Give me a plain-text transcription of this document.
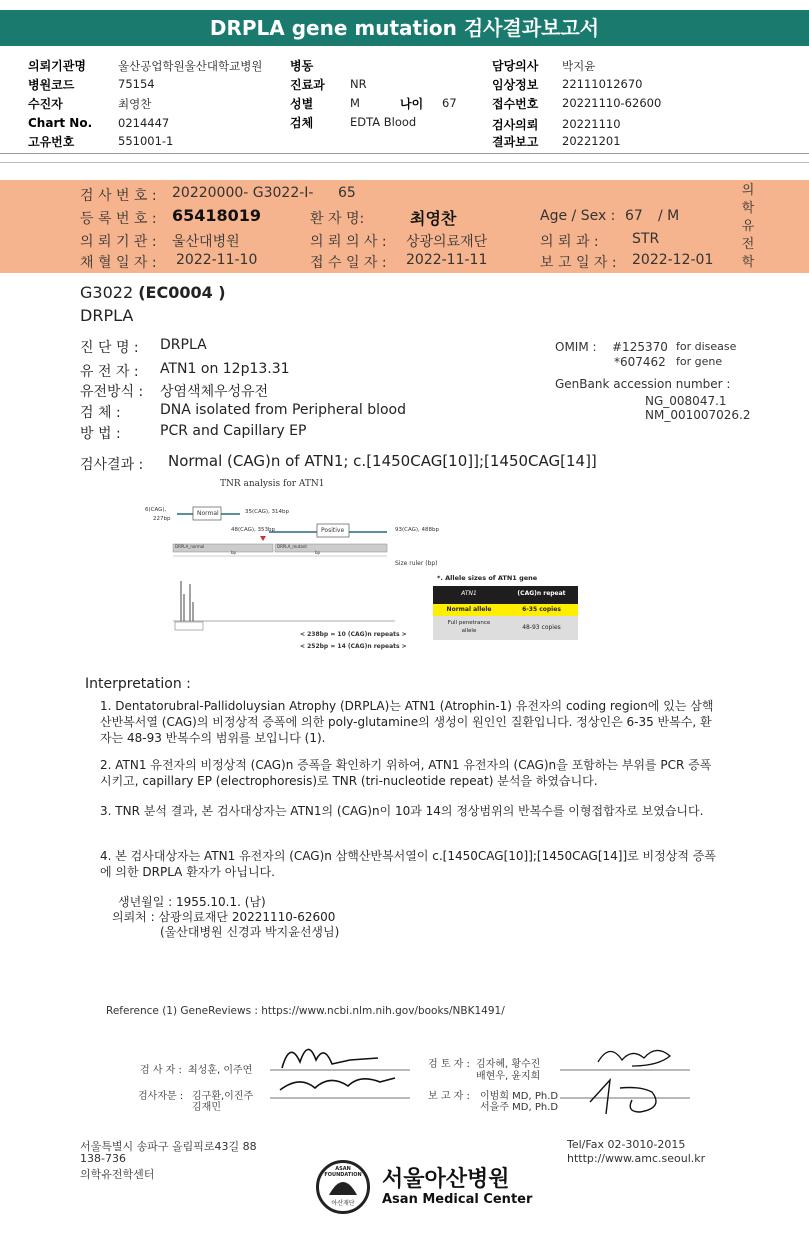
DRPLA gene mutation 검사결과보고서
의뢰기관명	울산공업학원울산대학교병원
병원코드	75154
수진자	최영찬
Chart No. 0214447
고유번호	551001-1
병동
진료과 NR
성별	M	나이 67
검체	EDTA Blood
담당의사 박지윤
임상정보 22111012670
접수번호 20221110-62600
검사의뢰 20221110
결과보고 20221201
검 사 번 호 : 20220000- G3022-I- 65
등 록 번 호 : 65418019	환 자 명:	최영찬	Age / Sex : 67 / M
의 뢰 기 관 : 울산대병원	의 뢰 의 사 : 상광의료재단	의 뢰 과 : STR
채 혈 일 자 : 2022-11-10	접 수 일 자 : 2022-11-11	보 고 일 자 : 2022-12-01
의
학
유
전
학
G3022 (EC0004 )
DRPLA
진 단 명 : DRPLA
유 전 자 : ATN1 on 12p13.31
유전방식 : 상염색체우성유전
검 체 :	DNA isolated from Peripheral blood
방 법 :	PCR and Capillary EP
OMIM : #125370 for disease
*607462 for gene
GenBank accession number :
NG_008047.1
NM_001007026.2
검사결과 : Normal (CAG)n of ATN1; c.[1450CAG[10]];[1450CAG[14]]
TNR analysis for ATN1
6(CAG),
227bp
Normal	35(CAG), 314bp
48(CAG), 353bp	Positive	93(CAG), 488bp
DRPLA_normal	DRPLA_mutant
bp	bp
Size ruler (bp)
< 238bp = 10 (CAG)n repeats >
< 252bp = 14 (CAG)n repeats >
*. Allele sizes of ATN1 gene
ATN1	(CAG)n repeat
Normal allele	6-35 copies
Full penetrance allele	48-93 copies
Interpretation :
1. Dentatorubral-Pallidoluysian Atrophy (DRPLA)는 ATN1 (Atrophin-1) 유전자의 coding region에 있는 삼핵산반복서열 (CAG)의 비정상적 증폭에 의한 poly-glutamine의 생성이 원인인 질환입니다. 정상인은 6-35 반복수, 환자는 48-93 반복수의 범위를 보입니다 (1).
2. ATN1 유전자의 비정상적 (CAG)n 증폭을 확인하기 위하여, ATN1 유전자의 (CAG)n을 포함하는 부위를 PCR 증폭시키고, capillary EP (electrophoresis)로 TNR (tri-nucleotide repeat) 분석을 하였습니다.
3. TNR 분석 결과, 본 검사대상자는 ATN1의 (CAG)n이 10과 14의 정상범위의 반복수를 이형접합자로 보였습니다.
4. 본 검사대상자는 ATN1 유전자의 (CAG)n 삼핵산반복서열이 c.[1450CAG[10]];[1450CAG[14]]로 비정상적 증폭에 의한 DRPLA 환자가 아닙니다.
생년월일 : 1955.10.1. (남)
의뢰처 : 삼광의료재단 20221110-62600
(울산대병원 신경과 박지윤선생님)
Reference (1) GeneReviews : https://www.ncbi.nlm.nih.gov/books/NBK1491/
검 사 자 : 최성훈, 이주연
검사자문 : 김구환,이진주
김재민
검 토 자 : 김자혜, 황수진
배현우, 윤지희
보 고 자 : 이범희 MD, Ph.D
서을주 MD, Ph.D
서울특별시 송파구 올림픽로43길 88
138-736
의학유전학센터
Tel/Fax 02-3010-2015
htttp://www.amc.seoul.kr
ASAN FOUNDATION
아산재단
서울아산병원
Asan Medical Center
